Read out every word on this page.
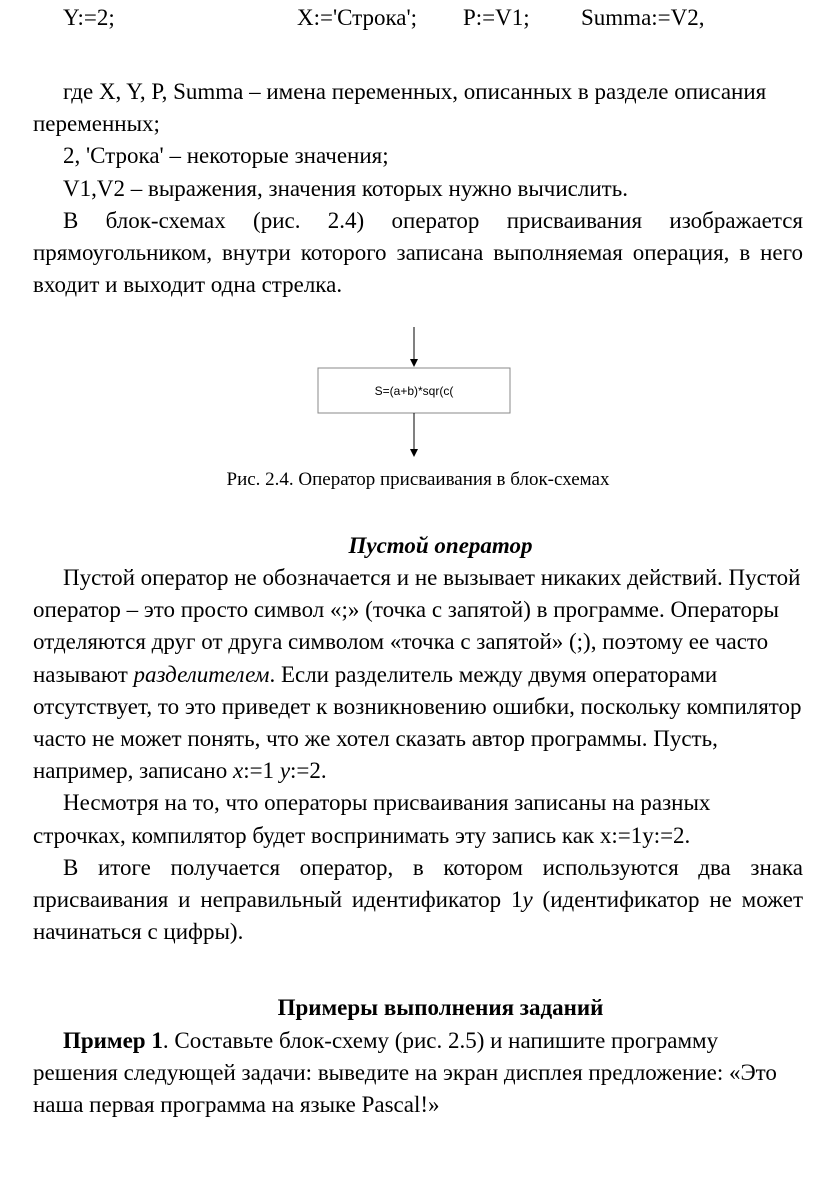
Y:=2;	X:='Строка'; P:=V1; Summa:=V2,

где X, Y, P, Summa – имена переменных, описанных в разделе описания переменных;

2, 'Строка' – некоторые значения;

V1,V2 – выражения, значения которых нужно вычислить.

В блок-схемах (рис. 2.4) оператор присваивания изображается прямоугольником, внутри которого записана выполняемая операция, в него входит и выходит одна стрелка.

S=(a+b)*sqr(c(

Рис. 2.4. Оператор присваивания в блок-схемах

Пустой оператор

Пустой оператор не обозначается и не вызывает никаких действий. Пустой оператор – это просто символ «;» (точка с запятой) в программе. Операторы отделяются друг от друга символом «точка с запятой» (;), поэтому ее часто называют разделителем. Если разделитель между двумя операторами отсутствует, то это приведет к возникновению ошибки, поскольку компилятор часто не может понять, что же хотел сказать автор программы. Пусть, например, записано x:=1 y:=2.

Несмотря на то, что операторы присваивания записаны на разных строчках, компилятор будет воспринимать эту запись как x:=1y:=2.

В итоге получается оператор, в котором используются два знака присваивания и неправильный идентификатор 1y (идентификатор не может начинаться с цифры).

Примеры выполнения заданий

Пример 1. Составьте блок-схему (рис. 2.5) и напишите программу решения следующей задачи: выведите на экран дисплея предложение: «Это наша первая программа на языке Pascal!»
